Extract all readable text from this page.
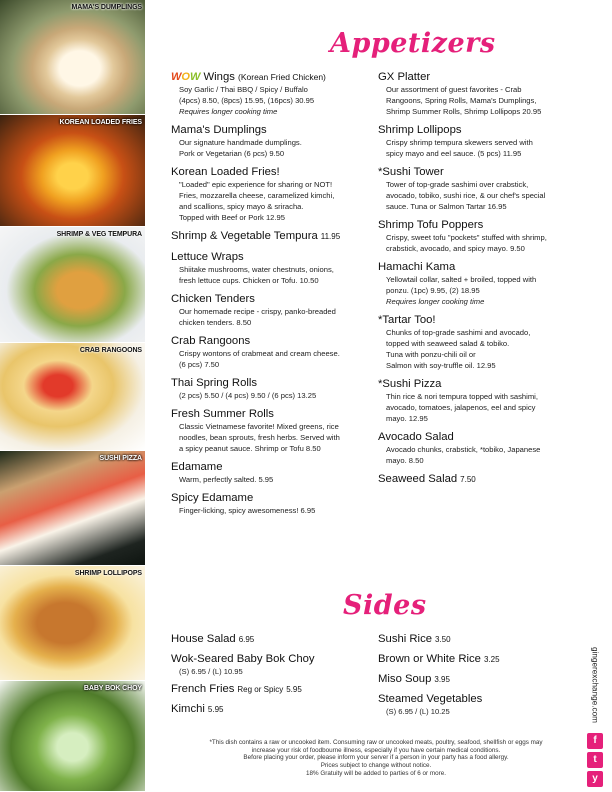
MAMA'S DUMPLINGS
KOREAN LOADED FRIES
SHRIMP & VEG TEMPURA
CRAB RANGOONS
SUSHI PIZZA
SHRIMP LOLLIPOPS
BABY BOK CHOY
Appetizers
WOW Wings (Korean Fried Chicken)
Soy Garlic / Thai BBQ / Spicy / Buffalo
(4pcs) 8.50, (8pcs) 15.95, (16pcs) 30.95
Requires longer cooking time
Mama's Dumplings
Our signature handmade dumplings.
Pork or Vegetarian (6 pcs) 9.50
Korean Loaded Fries!
"Loaded" epic experience for sharing or NOT!
Fries, mozzarella cheese, caramelized kimchi,
and scallions, spicy mayo & sriracha.
Topped with Beef or Pork 12.95
Shrimp & Vegetable Tempura 11.95
Lettuce Wraps
Shiitake mushrooms, water chestnuts, onions,
fresh lettuce cups. Chicken or Tofu. 10.50
Chicken Tenders
Our homemade recipe - crispy, panko-breaded
chicken tenders. 8.50
Crab Rangoons
Crispy wontons of crabmeat and cream cheese.
(6 pcs) 7.50
Thai Spring Rolls
(2 pcs) 5.50 / (4 pcs) 9.50 / (6 pcs) 13.25
Fresh Summer Rolls
Classic Vietnamese favorite! Mixed greens, rice
noodles, bean sprouts, fresh herbs. Served with
a spicy peanut sauce. Shrimp or Tofu 8.50
Edamame
Warm, perfectly salted. 5.95
Spicy Edamame
Finger-licking, spicy awesomeness! 6.95
GX Platter
Our assortment of guest favorites - Crab
Rangoons, Spring Rolls, Mama's Dumplings,
Shrimp Summer Rolls, Shrimp Lollipops 20.95
Shrimp Lollipops
Crispy shrimp tempura skewers served with
spicy mayo and eel sauce. (5 pcs) 11.95
*Sushi Tower
Tower of top-grade sashimi over crabstick,
avocado, tobiko, sushi rice, & our chef's special
sauce. Tuna or Salmon Tartar 16.95
Shrimp Tofu Poppers
Crispy, sweet tofu "pockets" stuffed with shrimp,
crabstick, avocado, and spicy mayo. 9.50
Hamachi Kama
Yellowtail collar, salted + broiled, topped with
ponzu. (1pc) 9.95, (2) 18.95
Requires longer cooking time
*Tartar Too!
Chunks of top-grade sashimi and avocado,
topped with seaweed salad & tobiko.
Tuna with ponzu-chili oil or
Salmon with soy-truffle oil. 12.95
*Sushi Pizza
Thin rice & nori tempura topped with sashimi,
avocado, tomatoes, jalapenos, eel and spicy
mayo. 12.95
Avocado Salad
Avocado chunks, crabstick, *tobiko, Japanese
mayo. 8.50
Seaweed Salad 7.50
Sides
House Salad 6.95
Wok-Seared Baby Bok Choy
(S) 6.95 / (L) 10.95
French Fries Reg or Spicy 5.95
Kimchi 5.95
Sushi Rice 3.50
Brown or White Rice 3.25
Miso Soup 3.95
Steamed Vegetables
(S) 6.95 / (L) 10.25
*This dish contains a raw or uncooked item. Consuming raw or uncooked meats, poultry, seafood, shellfish or eggs may
increase your risk of foodbourne illness, especially if you have certain medical conditions.
Before placing your order, please inform your server if a person in your party has a food allergy.
Prices subject to change without notice.
18% Gratuity will be added to parties of 6 or more.
gingerexchange.com
f
t
y
